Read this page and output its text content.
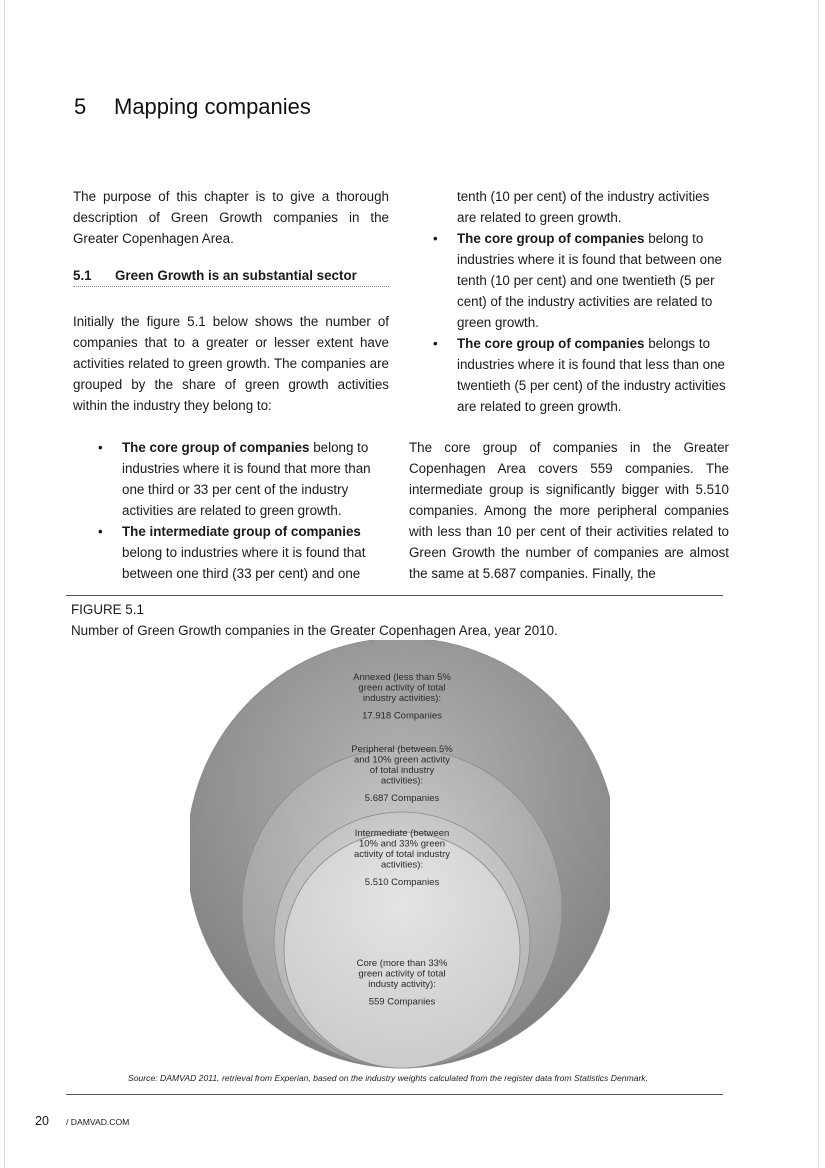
5 Mapping companies

The purpose of this chapter is to give a thorough description of Green Growth companies in the Greater Copenhagen Area.

5.1 Green Growth is an substantial sector

Initially the figure 5.1 below shows the number of companies that to a greater or lesser extent have activities related to green growth. The companies are grouped by the share of green growth activities within the industry they belong to:

• The core group of companies belong to industries where it is found that more than one third or 33 per cent of the industry activities are related to green growth.
• The intermediate group of companies belong to industries where it is found that between one third (33 per cent) and one

tenth (10 per cent) of the industry activities are related to green growth.

• The core group of companies belong to industries where it is found that between one tenth (10 per cent) and one twentieth (5 per cent) of the industry activities are related to green growth.
• The core group of companies belongs to industries where it is found that less than one twentieth (5 per cent) of the industry activities are related to green growth.

The core group of companies in the Greater Copenhagen Area covers 559 companies. The intermediate group is significantly bigger with 5.510 companies. Among the more peripheral companies with less than 10 per cent of their activities related to Green Growth the number of companies are almost the same at 5.687 companies. Finally, the

FIGURE 5.1
Number of Green Growth companies in the Greater Copenhagen Area, year 2010.
Annexed (less than 5% green activity of total industry activities): 17.918 Companies
Peripheral (between 5% and 10% green activity of total industry activities): 5.687 Companies
Intermediate (between 10% and 33% green activity of total industry activities): 5.510 Companies
Core (more than 33% green activity of total industy activity): 559 Companies
Source: DAMVAD 2011, retrieval from Experian, based on the industry weights calculated from the register data from Statistics Denmark.
20 / DAMVAD.COM
